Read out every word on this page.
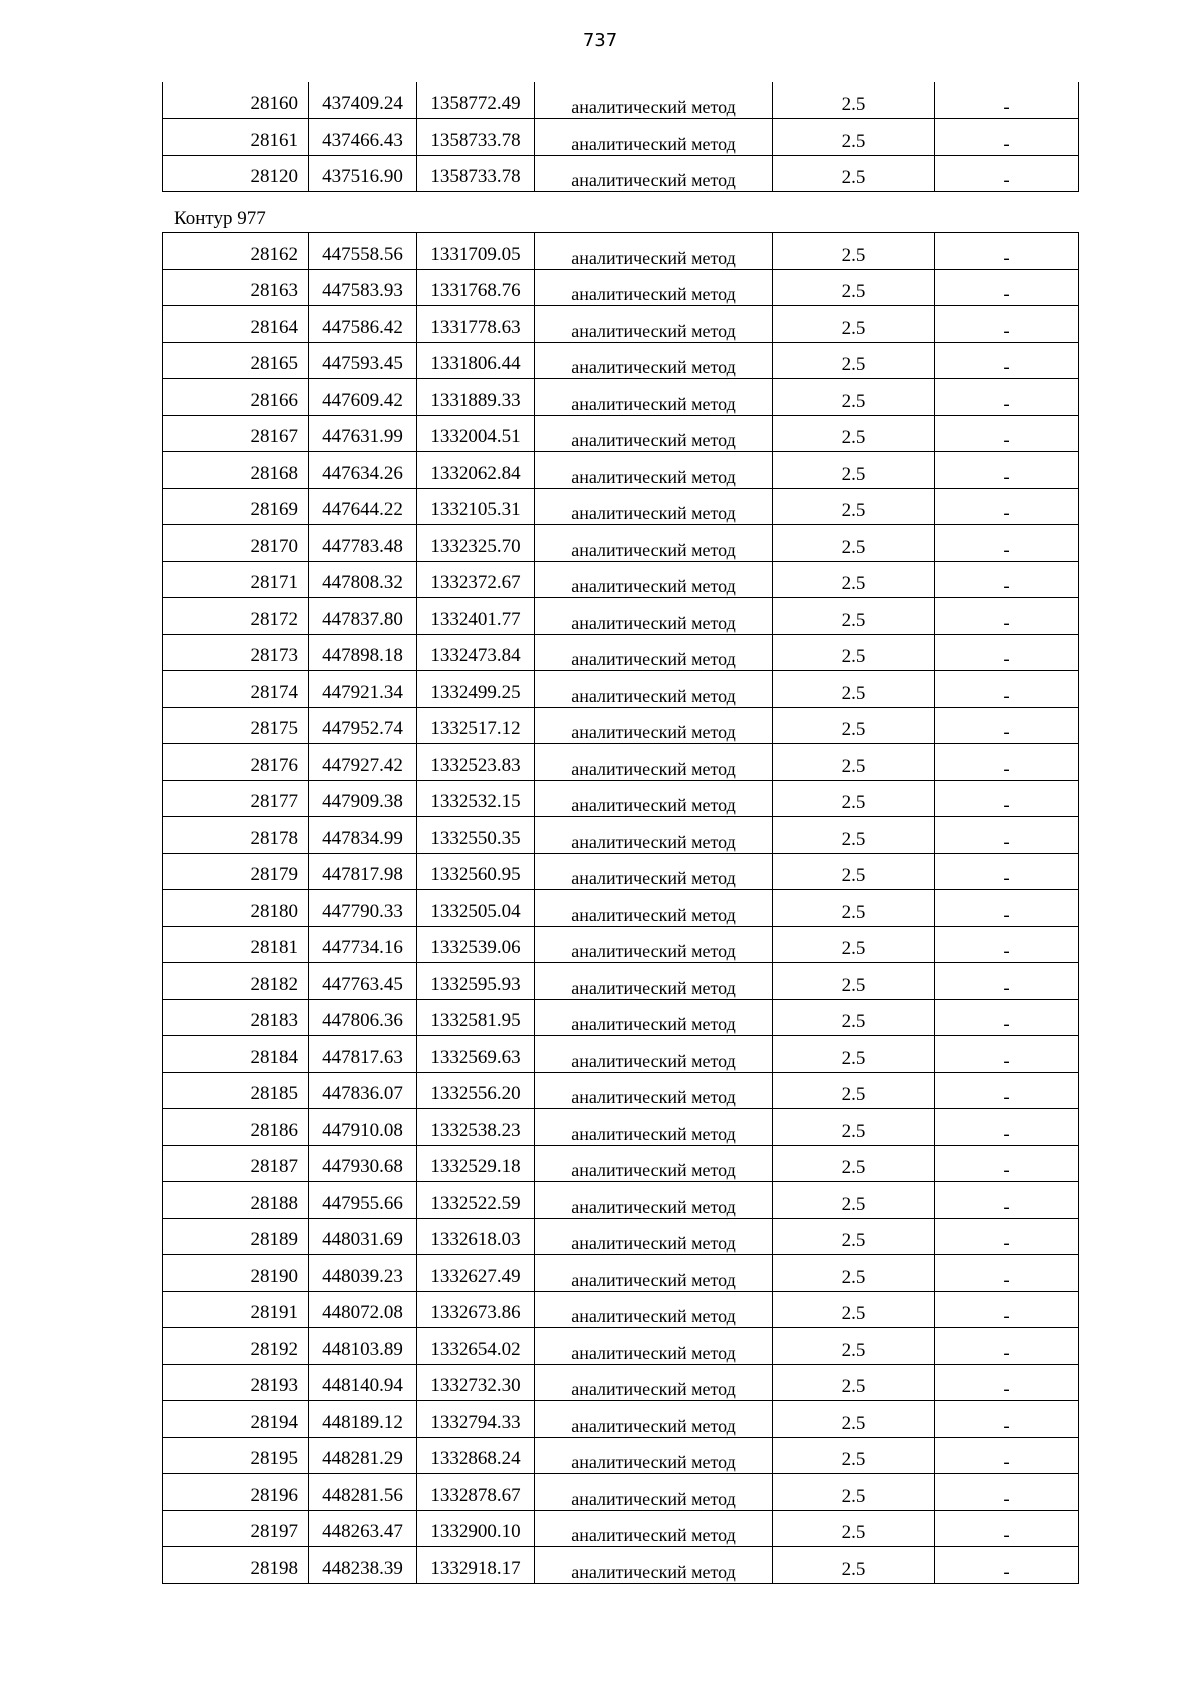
737
28160	437409.24	1358772.49	аналитический метод	2.5	-
28161	437466.43	1358733.78	аналитический метод	2.5	-
28120	437516.90	1358733.78	аналитический метод	2.5	-
Контур 977
28162	447558.56	1331709.05	аналитический метод	2.5	-
28163	447583.93	1331768.76	аналитический метод	2.5	-
28164	447586.42	1331778.63	аналитический метод	2.5	-
28165	447593.45	1331806.44	аналитический метод	2.5	-
28166	447609.42	1331889.33	аналитический метод	2.5	-
28167	447631.99	1332004.51	аналитический метод	2.5	-
28168	447634.26	1332062.84	аналитический метод	2.5	-
28169	447644.22	1332105.31	аналитический метод	2.5	-
28170	447783.48	1332325.70	аналитический метод	2.5	-
28171	447808.32	1332372.67	аналитический метод	2.5	-
28172	447837.80	1332401.77	аналитический метод	2.5	-
28173	447898.18	1332473.84	аналитический метод	2.5	-
28174	447921.34	1332499.25	аналитический метод	2.5	-
28175	447952.74	1332517.12	аналитический метод	2.5	-
28176	447927.42	1332523.83	аналитический метод	2.5	-
28177	447909.38	1332532.15	аналитический метод	2.5	-
28178	447834.99	1332550.35	аналитический метод	2.5	-
28179	447817.98	1332560.95	аналитический метод	2.5	-
28180	447790.33	1332505.04	аналитический метод	2.5	-
28181	447734.16	1332539.06	аналитический метод	2.5	-
28182	447763.45	1332595.93	аналитический метод	2.5	-
28183	447806.36	1332581.95	аналитический метод	2.5	-
28184	447817.63	1332569.63	аналитический метод	2.5	-
28185	447836.07	1332556.20	аналитический метод	2.5	-
28186	447910.08	1332538.23	аналитический метод	2.5	-
28187	447930.68	1332529.18	аналитический метод	2.5	-
28188	447955.66	1332522.59	аналитический метод	2.5	-
28189	448031.69	1332618.03	аналитический метод	2.5	-
28190	448039.23	1332627.49	аналитический метод	2.5	-
28191	448072.08	1332673.86	аналитический метод	2.5	-
28192	448103.89	1332654.02	аналитический метод	2.5	-
28193	448140.94	1332732.30	аналитический метод	2.5	-
28194	448189.12	1332794.33	аналитический метод	2.5	-
28195	448281.29	1332868.24	аналитический метод	2.5	-
28196	448281.56	1332878.67	аналитический метод	2.5	-
28197	448263.47	1332900.10	аналитический метод	2.5	-
28198	448238.39	1332918.17	аналитический метод	2.5	-
